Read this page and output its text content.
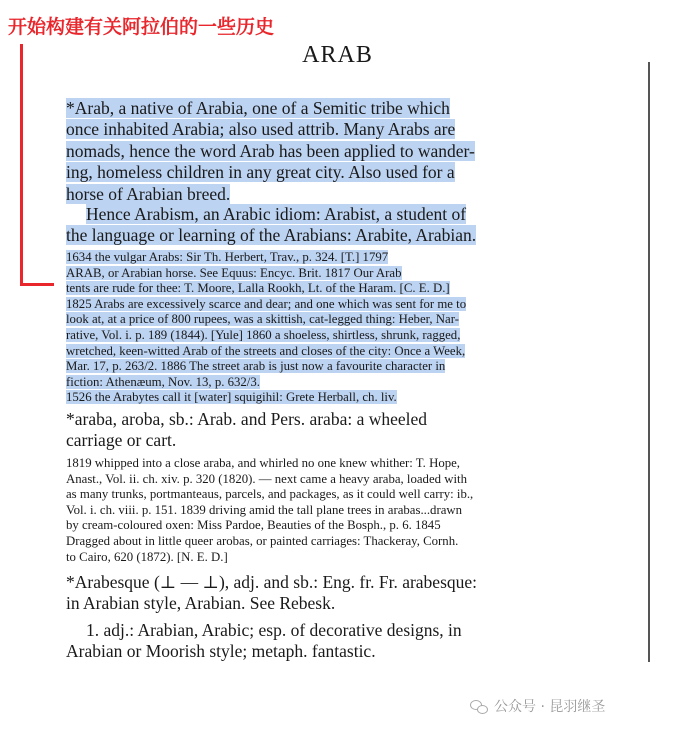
开始构建有关阿拉伯的一些历史
ARAB
*Arab, a native of Arabia, one of a Semitic tribe which
once inhabited Arabia; also used attrib. Many Arabs are
nomads, hence the word Arab has been applied to wander-
ing, homeless children in any great city. Also used for a
horse of Arabian breed.
Hence Arabism, an Arabic idiom: Arabist, a student of
the language or learning of the Arabians: Arabite, Arabian.
1634 the vulgar Arabs: Sir Th. Herbert, Trav., p. 324. [T.] 1797
ARAB, or Arabian horse. See Equus: Encyc. Brit. 1817 Our Arab
tents are rude for thee: T. Moore, Lalla Rookh, Lt. of the Haram. [C. E. D.]
1825 Arabs are excessively scarce and dear; and one which was sent for me to
look at, at a price of 800 rupees, was a skittish, cat-legged thing: Heber, Nar-
rative, Vol. i. p. 189 (1844). [Yule] 1860 a shoeless, shirtless, shrunk, ragged,
wretched, keen-witted Arab of the streets and closes of the city: Once a Week,
Mar. 17, p. 263/2. 1886 The street arab is just now a favourite character in
fiction: Athenæum, Nov. 13, p. 632/3.
1526 the Arabytes call it [water] squigihil: Grete Herball, ch. liv.
*araba, aroba, sb.: Arab. and Pers. araba: a wheeled
carriage or cart.
1819 whipped into a close araba, and whirled no one knew whither: T. Hope,
Anast., Vol. ii. ch. xiv. p. 320 (1820). — next came a heavy araba, loaded with
as many trunks, portmanteaus, parcels, and packages, as it could well carry: ib.,
Vol. i. ch. viii. p. 151. 1839 driving amid the tall plane trees in arabas...drawn
by cream-coloured oxen: Miss Pardoe, Beauties of the Bosph., p. 6. 1845
Dragged about in little queer arobas, or painted carriages: Thackeray, Cornh.
to Cairo, 620 (1872). [N. E. D.]
*Arabesque (⊥ — ⊥), adj. and sb.: Eng. fr. Fr. arabesque:
in Arabian style, Arabian. See Rebesk.
1. adj.: Arabian, Arabic; esp. of decorative designs, in
Arabian or Moorish style; metaph. fantastic.
公众号 · 昆羽继圣
